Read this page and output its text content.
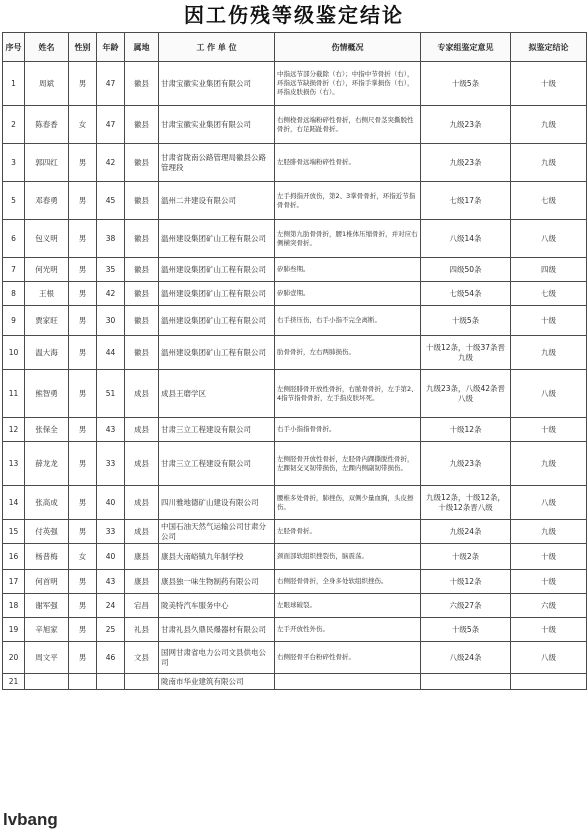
因工伤残等级鉴定结论
序号	姓名	性别	年龄	属地	工 作 单 位	伤情概况	专家组鉴定意见	拟鉴定结论
1	周斌	男	47	徽县	甘肃宝徽实业集团有限公司	中指远节部分截除（右）；中指中节骨折（右），环指远节缺损骨折（右），环指手掌损伤（右），环指皮肤损伤（右）。	十级5条	十级
2	陈春香	女	47	徽县	甘肃宝徽实业集团有限公司	右侧桡骨远端粉碎性骨折，右侧尺骨茎突撕脱性骨折，右足跖趾骨折。	九级23条	九级
3	郭四红	男	42	徽县	甘肃省陇南公路管理局徽县公路管理段	左胫腓骨远端粉碎性骨折。	九级23条	九级
5	邓春勇	男	45	徽县	温州二井建设有限公司	左手拇指开放伤，第2、3掌骨骨折，环指近节指骨骨折。	七级17条	七级
6	包义明	男	38	徽县	温州建设集团矿山工程有限公司	左侧第九肋骨骨折，腰1椎体压缩骨折，并对应右侧横突骨折。	八级14条	八级
7	何光明	男	35	徽县	温州建设集团矿山工程有限公司	矽肺叁期。	四级50条	四级
8	王根	男	42	徽县	温州建设集团矿山工程有限公司	矽肺壹期。	七级54条	七级
9	贾家旺	男	30	徽县	温州建设集团矿山工程有限公司	右手挤压伤，右手小指不完全离断。	十级5条	十级
10	温大海	男	44	徽县	温州建设集团矿山工程有限公司	肋骨骨折，左右两肺损伤。	十级12条，十级37条晋九级	九级
11	熊智勇	男	51	成县	成县王磨学区	左侧胫腓骨开放性骨折，右脓骨骨折，左手第2、4指节指骨骨折，左手指皮肤坏死。	九级23条，八级42条晋八级	八级
12	张保全	男	43	成县	甘肃三立工程建设有限公司	右手小指指骨骨折。	十级12条	十级
13	薛龙龙	男	33	成县	甘肃三立工程建设有限公司	左侧胫骨开放性骨折，左胫骨内踝撕脱性骨折，左踝韧交叉韧带损伤，左踝内侧副韧带损伤。	九级23条	九级
14	张高成	男	40	成县	四川雅地德矿山建设有限公司	腰椎多处骨折，肺挫伤，双侧少量血胸，头皮擦伤。	九级12条，十级12条，十级12条晋八级	八级
15	付英强	男	33	成县	中国石油天然气运输公司甘肃分公司	左胫骨骨折。	九级24条	九级
16	杨普梅	女	40	康县	康县大南峪镇九年制学校	颈面部软组织挫裂伤，脑震荡。	十级2条	十级
17	何首明	男	43	康县	康县独一味生物制药有限公司	右侧胫骨骨折，全身多处软组织挫伤。	十级12条	十级
18	谢军强	男	24	宕昌	陇美特汽车服务中心	左眼球破裂。	六级27条	六级
19	辛旭家	男	25	礼县	甘肃礼县久鼎民爆器材有限公司	左手开放性外伤。	十级5条	十级
20	周文平	男	46	文县	国网甘肃省电力公司文县供电公司	右侧胫骨平台粉碎性骨折。	八级24条	八级
21					陇南市华业建筑有限公司			
lvbang
